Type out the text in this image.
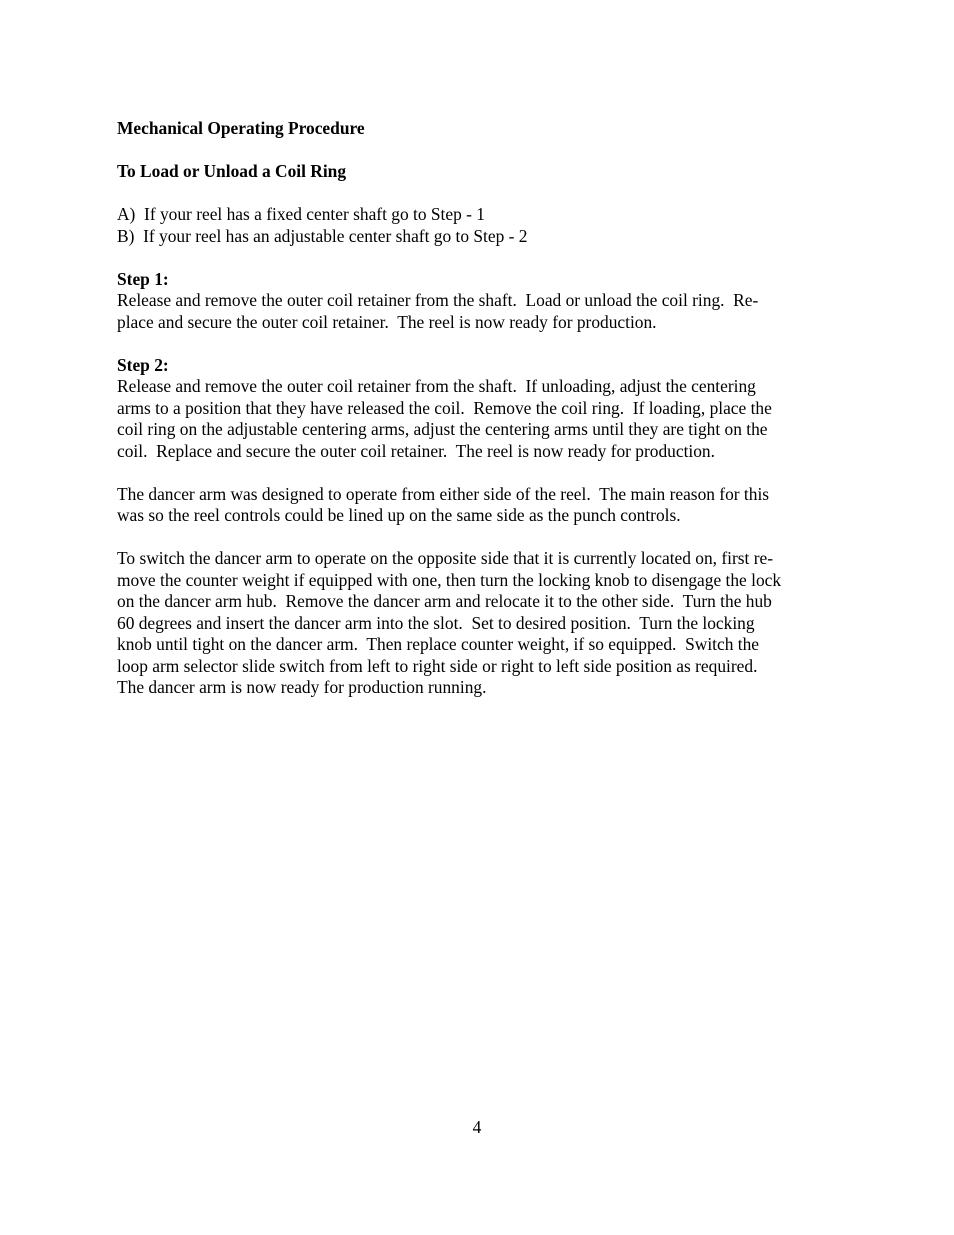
Mechanical Operating Procedure

To Load or Unload a Coil Ring

A)  If your reel has a fixed center shaft go to Step - 1

B)  If your reel has an adjustable center shaft go to Step - 2

Step 1:

Release and remove the outer coil retainer from the shaft.  Load or unload the coil ring.  Re-

place and secure the outer coil retainer.  The reel is now ready for production.

Step 2:

Release and remove the outer coil retainer from the shaft.  If unloading, adjust the centering

arms to a position that they have released the coil.  Remove the coil ring.  If loading, place the

coil ring on the adjustable centering arms, adjust the centering arms until they are tight on the

coil.  Replace and secure the outer coil retainer.  The reel is now ready for production.

The dancer arm was designed to operate from either side of the reel.  The main reason for this

was so the reel controls could be lined up on the same side as the punch controls.

To switch the dancer arm to operate on the opposite side that it is currently located on, first re-

move the counter weight if equipped with one, then turn the locking knob to disengage the lock

on the dancer arm hub.  Remove the dancer arm and relocate it to the other side.  Turn the hub

60 degrees and insert the dancer arm into the slot.  Set to desired position.  Turn the locking

knob until tight on the dancer arm.  Then replace counter weight, if so equipped.  Switch the

loop arm selector slide switch from left to right side or right to left side position as required.

The dancer arm is now ready for production running.

4
